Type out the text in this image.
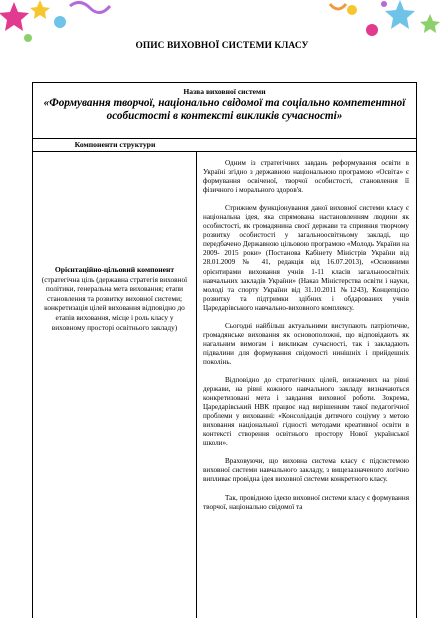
ОПИС ВИХОВНОЇ СИСТЕМИ КЛАСУ
Назва виховної системи
«Формування творчої, національно свідомої та соціально компетентної особистості в контексті викликів сучасності»
Компоненти структури
Орієнтаційно-цільовий компонент
(стратегічна ціль (державна стратегія виховної політики, генеральна мета виховання; етапи становлення та розвитку виховної системи; конкретизація цілей виховання відповідно до етапів виховання, місце і роль класу у виховному просторі освітнього закладу)

Одним із стратегічних завдань реформування освіти в Україні згідно з державною національною програмою «Освіта» є формування освіченої, творчої особистості, становлення її фізичного і морального здоров'я.

Стрижнем функціонування даної виховної системи класу є національна ідея, яка спрямована настановленням людини як особистості, як громадянина своєї держави та сприяння творчому розвитку особистості у загальноосвітньому закладі, що передбачено Державною цільовою програмою «Молодь України на 2009- 2015 роки» (Постанова Кабінету Міністрів України від 28.01.2009 № 41, редакція від 16.07.2013), «Основними орієнтирами виховання учнів 1-11 класів загальноосвітніх навчальних закладів України» (Наказ Міністерства освіти і науки, молоді та спорту України від 31.10.2011 №1243), Концепцією розвитку та підтримки здібних і обдарованих учнів Царедарівського навчально-виховного комплексу.

Сьогодні найбільш актуальними виступають патріотичне, громадянське виховання як основоположні, що відповідають як нагальним вимогам і викликам сучасності, так і закладають підвалини для формування свідомості нинішніх і прийдешніх поколінь.

Відповідно до стратегічних цілей, визначених на рівні держави, на рівні кожного навчального закладу визначаються конкретизовані мета і завдання виховної роботи. Зокрема, Царедарівський НВК працює над вирішенням такої педагогічної проблеми у вихованні: «Консолідація дитячого соціуму з метою виховання національної гідності методами креативної освіти в контексті створення освітнього простору Нової української школи».

Враховуючи, що виховна система класу є підсистемою виховної системи навчального закладу, з вищезазначеного логічно випливає провідна ідея виховної системи конкретного класу.

Так, провідною ідеєю виховної системи класу є формування творчої, національно свідомої та
